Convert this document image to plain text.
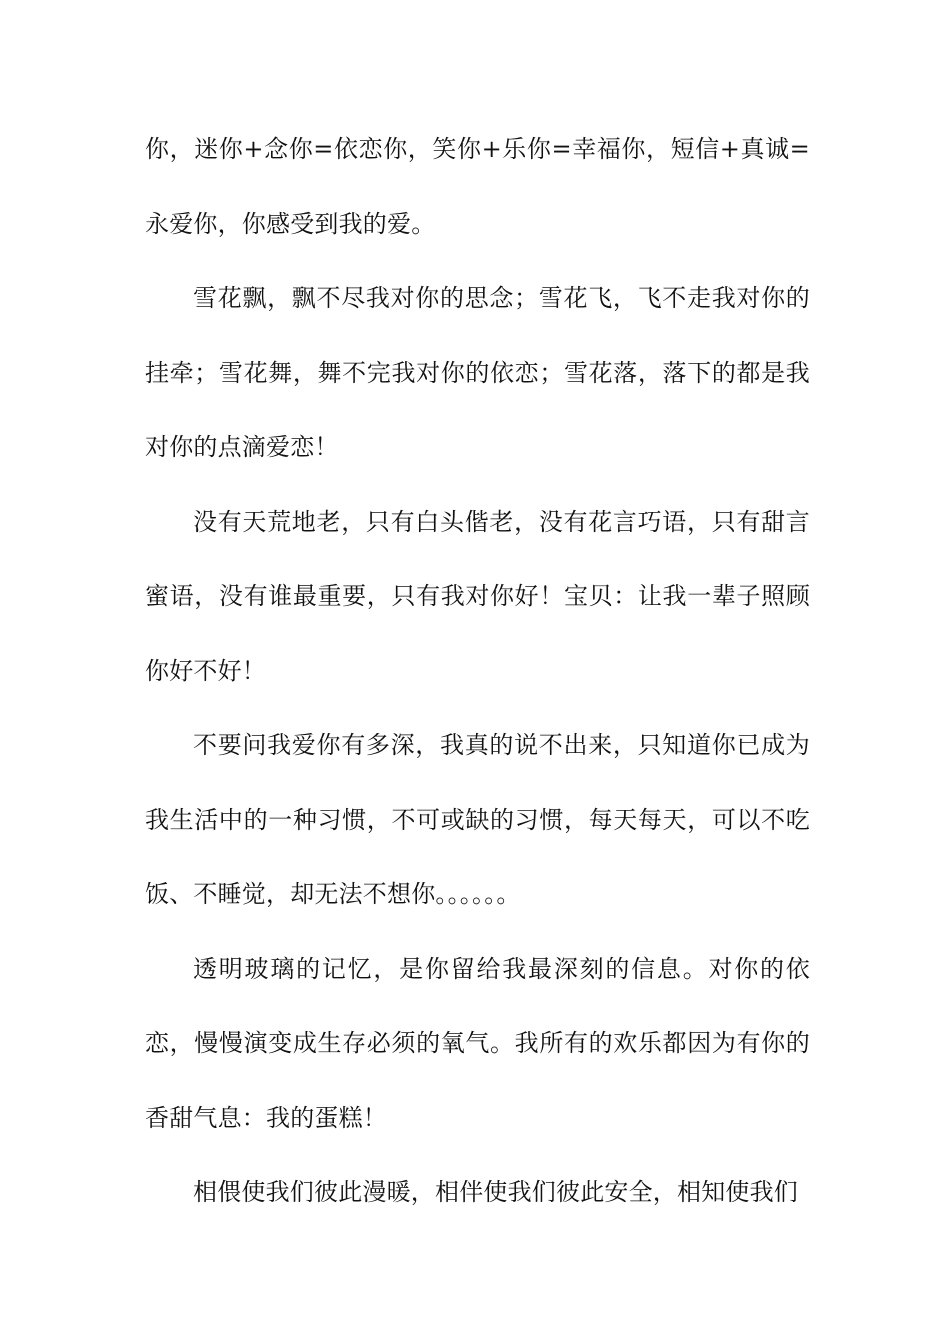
你，迷你+念你=依恋你，笑你+乐你=幸福你，短信+真诚=永爱你，你感受到我的爱。

雪花飘，飘不尽我对你的思念；雪花飞，飞不走我对你的挂牵；雪花舞，舞不完我对你的依恋；雪花落，落下的都是我对你的点滴爱恋！

没有天荒地老，只有白头偕老，没有花言巧语，只有甜言蜜语，没有谁最重要，只有我对你好！宝贝：让我一辈子照顾你好不好！

不要问我爱你有多深，我真的说不出来，只知道你已成为我生活中的一种习惯，不可或缺的习惯，每天每天，可以不吃饭、不睡觉，却无法不想你。。。。。。

透明玻璃的记忆，是你留给我最深刻的信息。对你的依恋，慢慢演变成生存必须的氧气。我所有的欢乐都因为有你的香甜气息：我的蛋糕！

相偎使我们彼此漫暖，相伴使我们彼此安全，相知使我们
